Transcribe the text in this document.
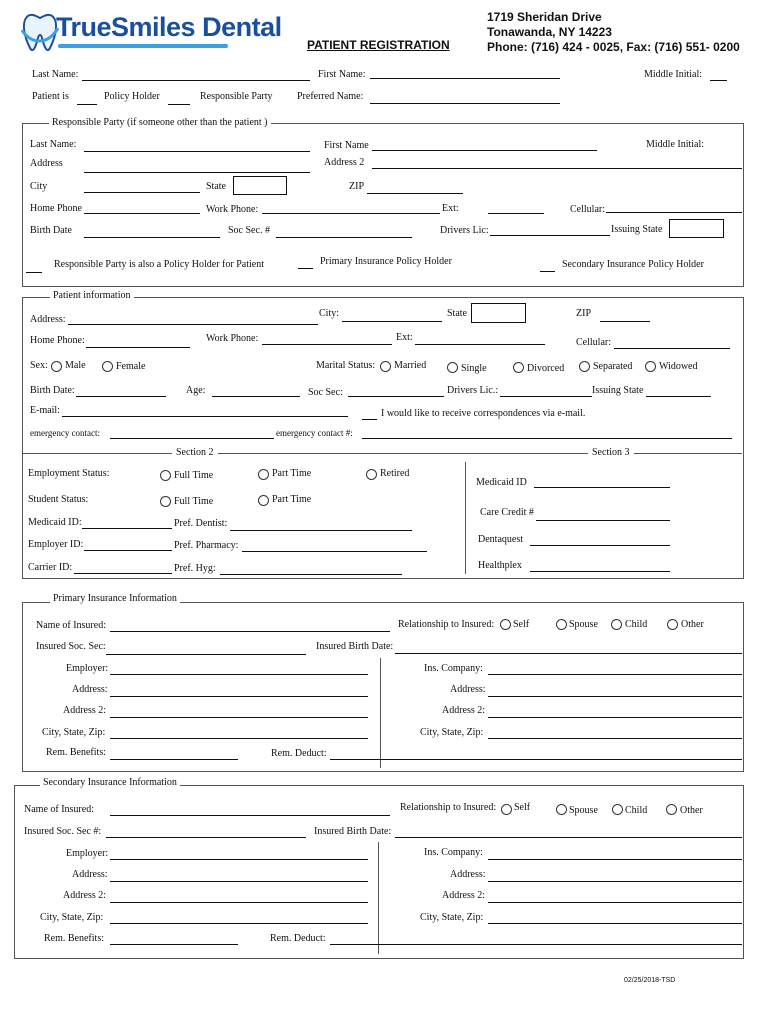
TrueSmiles Dental
PATIENT REGISTRATION
1719 Sheridan Drive
Tonawanda, NY 14223
Phone: (716) 424 - 0025, Fax: (716) 551- 0200
Last Name:	First Name:	Middle Initial:
Patient is	Policy Holder	Responsible Party Preferred Name:
Responsible Party (if someone other than the patient )
Last Name:	First Name	Middle Initial:
Address	Address 2
City	State	ZIP
Home Phone	Work Phone:	Ext:	Cellular:
Birth Date	Soc Sec. #	Drivers Lic:	Issuing State
Responsible Party is also a Policy Holder for Patient	Primary Insurance Policy Holder	Secondary Insurance Policy Holder
Patient information
Address:
City:	State	ZIP
Home Phone:	Work Phone:	Ext:	Cellular:
Sex: Male	Female	Marital Status: Married	Single	Divorced	Separated	Widowed
Birth Date:	Age:	Soc Sec:	Drivers Lic.:	Issuing State
E-mail:	I would like to receive correspondences via e-mail.
emergency contact:	emergency contact #:
Section 2	Section 3
Employment Status:	Full Time	Part Time	Retired
Student Status:	Full Time	Part Time
Medicaid ID:	Pref. Dentist:
Employer ID:	Pref. Pharmacy:
Carrier ID:	Pref. Hyg:
Medicaid ID
Care Credit #
Dentaquest
Healthplex
Primary Insurance Information
Name of Insured:	Relationship to Insured: Self	Spouse	Child	Other
Insured Soc. Sec:	Insured Birth Date:
Employer:	Ins. Company:
Address:	Address:
Address 2:	Address 2:
City, State, Zip:	City, State, Zip:
Rem. Benefits:	Rem. Deduct:
Secondary Insurance Information
Name of Insured:	Relationship to Insured: Self	Spouse	Child	Other
Insured Soc. Sec #:	Insured Birth Date:
Employer:	Ins. Company:
Address:	Address:
Address 2:	Address 2:
City, State, Zip:	City, State, Zip:
Rem. Benefits:	Rem. Deduct:
02/25/2018-TSD
